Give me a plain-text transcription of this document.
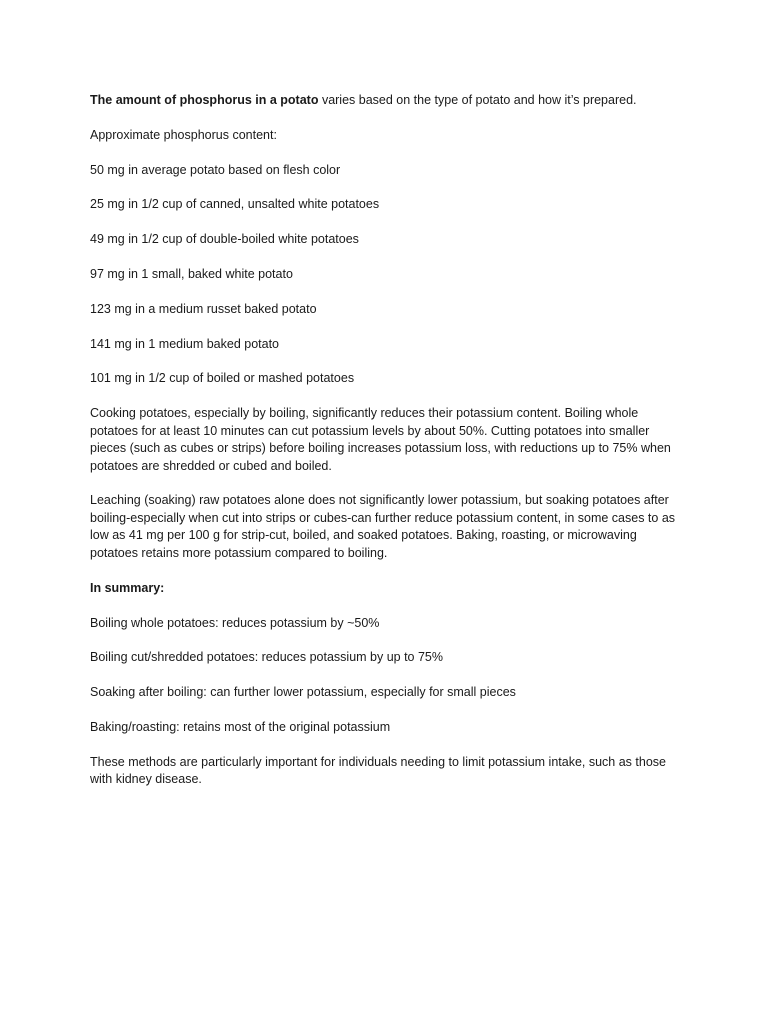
The amount of phosphorus in a potato varies based on the type of potato and how it’s prepared.

Approximate phosphorus content:

50 mg in average potato based on flesh color

25 mg in 1/2 cup of canned, unsalted white potatoes

49 mg in 1/2 cup of double-boiled white potatoes

97 mg in 1 small, baked white potato

123 mg in a medium russet baked potato

141 mg in 1 medium baked potato

101 mg in 1/2 cup of boiled or mashed potatoes

Cooking potatoes, especially by boiling, significantly reduces their potassium content. Boiling whole potatoes for at least 10 minutes can cut potassium levels by about 50%. Cutting potatoes into smaller pieces (such as cubes or strips) before boiling increases potassium loss, with reductions up to 75% when potatoes are shredded or cubed and boiled.

Leaching (soaking) raw potatoes alone does not significantly lower potassium, but soaking potatoes after boiling-especially when cut into strips or cubes-can further reduce potassium content, in some cases to as low as 41 mg per 100 g for strip-cut, boiled, and soaked potatoes. Baking, roasting, or microwaving potatoes retains more potassium compared to boiling.

In summary:

Boiling whole potatoes: reduces potassium by ~50%

Boiling cut/shredded potatoes: reduces potassium by up to 75%

Soaking after boiling: can further lower potassium, especially for small pieces

Baking/roasting: retains most of the original potassium

These methods are particularly important for individuals needing to limit potassium intake, such as those with kidney disease.
